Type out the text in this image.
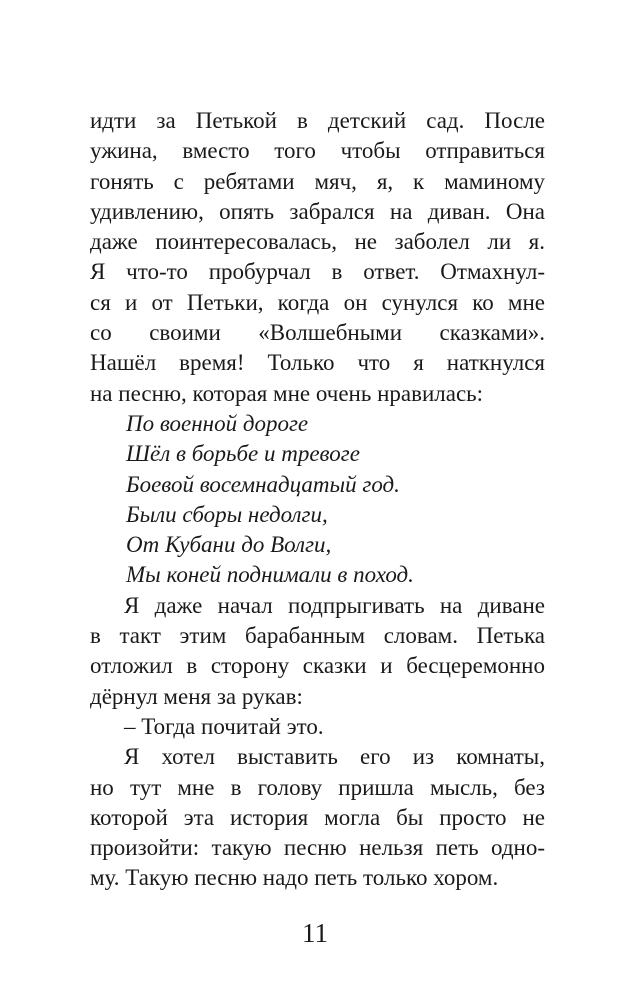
идти за Петькой в детский сад. После
ужина, вместо того чтобы отправиться
гонять с ребятами мяч, я, к маминому
удивлению, опять забрался на диван. Она
даже поинтересовалась, не заболел ли я.
Я что-то пробурчал в ответ. Отмахнул-
ся и от Петьки, когда он сунулся ко мне
со своими «Волшебными сказками».
Нашёл время! Только что я наткнулся
на песню, которая мне очень нравилась:
По военной дороге
Шёл в борьбе и тревоге
Боевой восемнадцатый год.
Были сборы недолги,
От Кубани до Волги,
Мы коней поднимали в поход.
Я даже начал подпрыгивать на диване
в такт этим барабанным словам. Петька
отложил в сторону сказки и бесцеремонно
дёрнул меня за рукав:
– Тогда почитай это.
Я хотел выставить его из комнаты,
но тут мне в голову пришла мысль, без
которой эта история могла бы просто не
произойти: такую песню нельзя петь одно-
му. Такую песню надо петь только хором.
11
